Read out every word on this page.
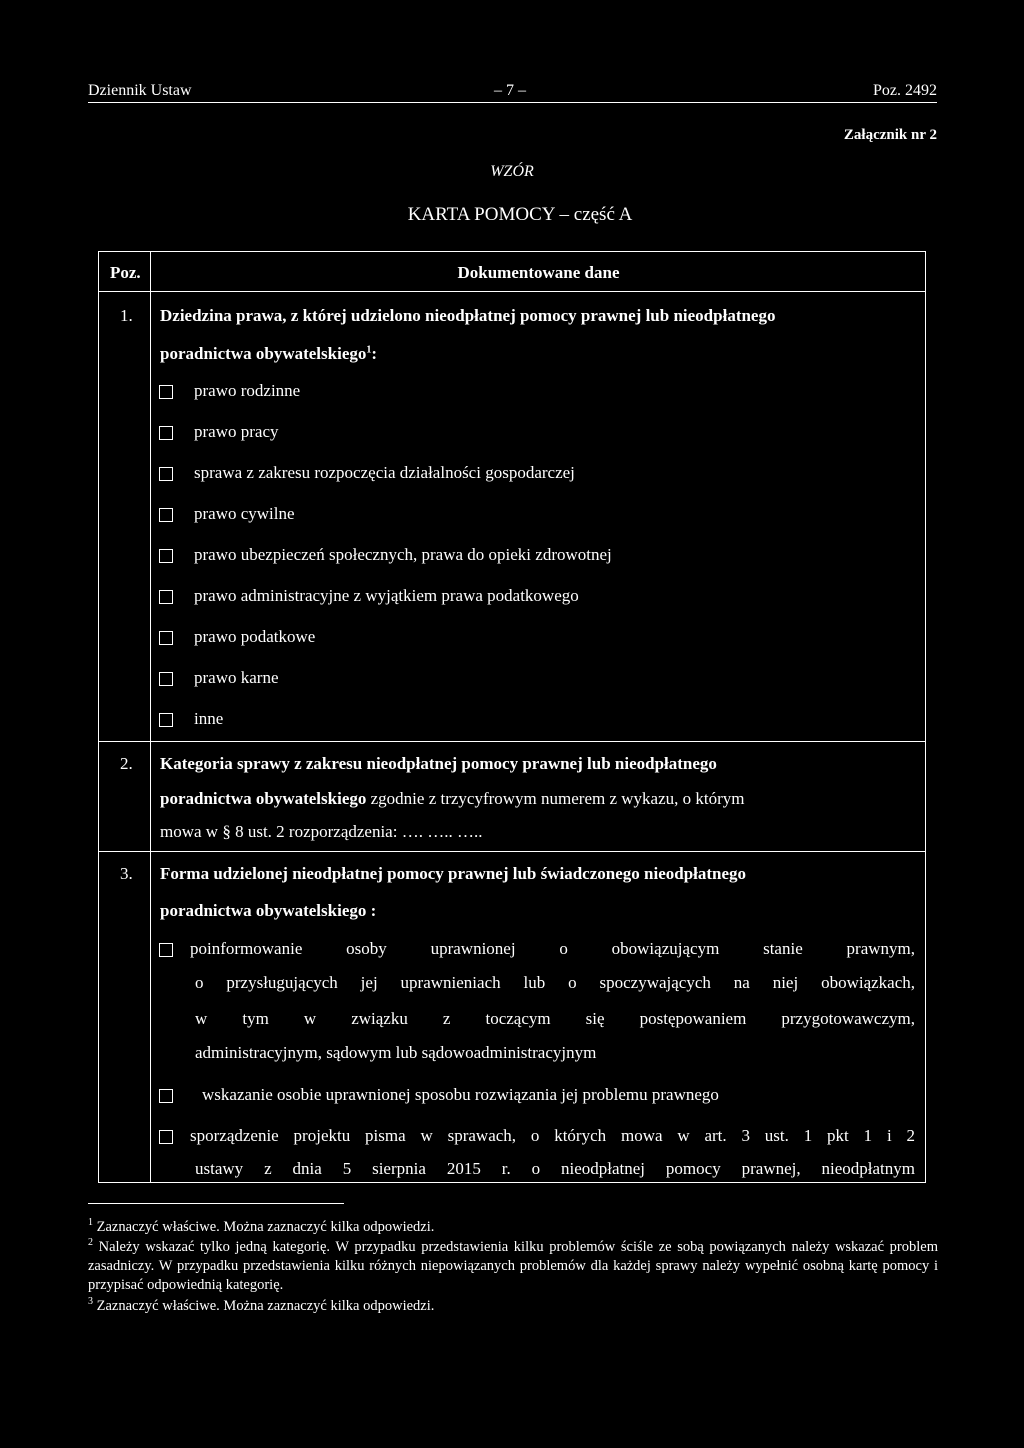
Dziennik Ustaw	– 7 –	Poz. 2492
Załącznik nr 2
WZÓR
KARTA POMOCY – część A
Poz.	Dokumentowane dane
1. Dziedzina prawa, z której udzielono nieodpłatnej pomocy prawnej lub nieodpłatnego
poradnictwa obywatelskiego$^1$:
prawo rodzinne
prawo pracy
sprawa z zakresu rozpoczęcia działalności gospodarczej
prawo cywilne
prawo ubezpieczeń społecznych, prawa do opieki zdrowotnej
prawo administracyjne z wyjątkiem prawa podatkowego
prawo podatkowe
prawo karne
inne
2. Kategoria sprawy z zakresu nieodpłatnej pomocy prawnej lub nieodpłatnego
poradnictwa obywatelskiego zgodnie z trzycyfrowym numerem z wykazu, o którym
mowa w § 8 ust. 2 rozporządzenia: …. ….. …..
3. Forma udzielonej nieodpłatnej pomocy prawnej lub świadczonego nieodpłatnego
poradnictwa obywatelskiego :
poinformowanie osoby uprawnionej o obowiązującym stanie prawnym,
o przysługujących jej uprawnieniach lub o spoczywających na niej obowiązkach,
w tym w związku z toczącym się postępowaniem przygotowawczym,
administracyjnym, sądowym lub sądowoadministracyjnym
wskazanie osobie uprawnionej sposobu rozwiązania jej problemu prawnego
sporządzenie projektu pisma w sprawach, o których mowa w art. 3 ust. 1 pkt 1 i 2
ustawy z dnia 5 sierpnia 2015 r. o nieodpłatnej pomocy prawnej, nieodpłatnym
$^1$ Zaznaczyć właściwe. Można zaznaczyć kilka odpowiedzi.
$^2$ Należy wskazać tylko jedną kategorię. W przypadku przedstawienia kilku problemów ściśle ze sobą powiązanych należy wskazać problem zasadniczy. W przypadku przedstawienia kilku różnych niepowiązanych problemów dla każdej sprawy należy wypełnić osobną kartę pomocy i przypisać odpowiednią kategorię.
$^3$ Zaznaczyć właściwe. Można zaznaczyć kilka odpowiedzi.
